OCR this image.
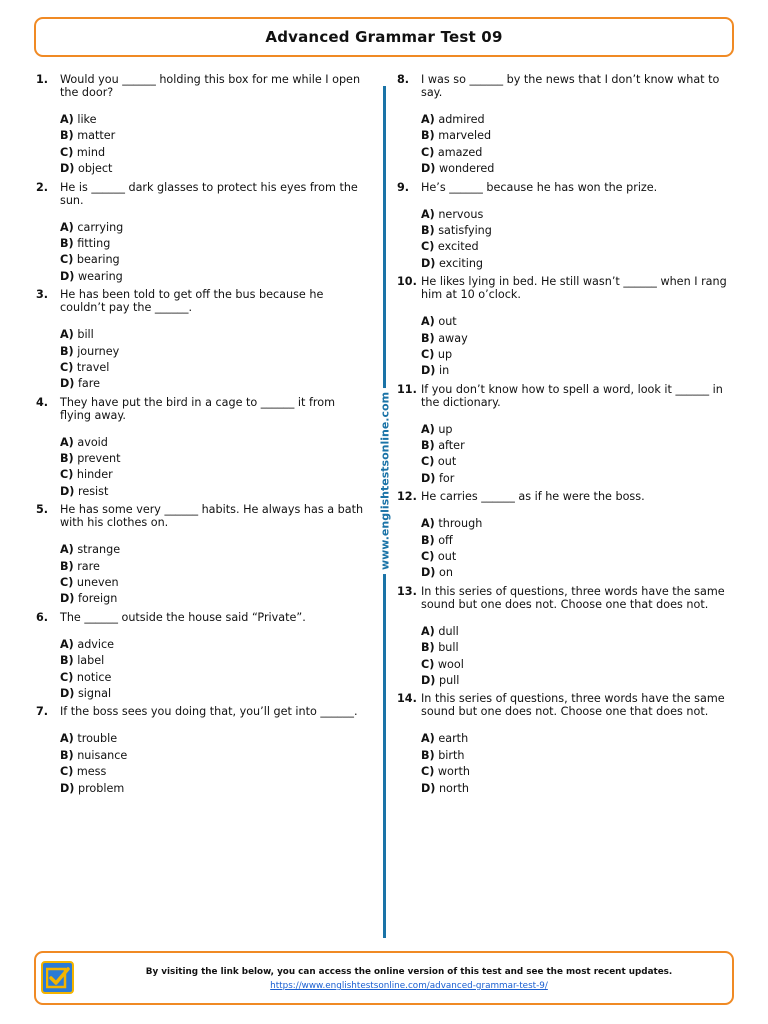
Advanced Grammar Test 09
1.	Would you ______ holding this box for me while I open the door?
A) like
B) matter
C) mind
D) object
2.	He is ______ dark glasses to protect his eyes from the sun.
A) carrying
B) fitting
C) bearing
D) wearing
3.	He has been told to get off the bus because he couldn’t pay the ______.
A) bill
B) journey
C) travel
D) fare
4.	They have put the bird in a cage to ______ it from flying away.
A) avoid
B) prevent
C) hinder
D) resist
5.	He has some very ______ habits. He always has a bath with his clothes on.
A) strange
B) rare
C) uneven
D) foreign
6.	The ______ outside the house said “Private”.
A) advice
B) label
C) notice
D) signal
7.	If the boss sees you doing that, you’ll get into ______.
A) trouble
B) nuisance
C) mess
D) problem
www.englishtestsonline.com
8.	I was so ______ by the news that I don’t know what to say.
A) admired
B) marveled
C) amazed
D) wondered
9.	He’s ______ because he has won the prize.
A) nervous
B) satisfying
C) excited
D) exciting
10. He likes lying in bed. He still wasn’t ______ when I rang him at 10 o’clock.
A) out
B) away
C) up
D) in
11. If you don’t know how to spell a word, look it ______ in the dictionary.
A) up
B) after
C) out
D) for
12. He carries ______ as if he were the boss.
A) through
B) off
C) out
D) on
13. In this series of questions, three words have the same sound but one does not. Choose one that does not.
A) dull
B) bull
C) wool
D) pull
14. In this series of questions, three words have the same sound but one does not. Choose one that does not.
A) earth
B) birth
C) worth
D) north
By visiting the link below, you can access the online version of this test and see the most recent updates.
https://www.englishtestsonline.com/advanced-grammar-test-9/
